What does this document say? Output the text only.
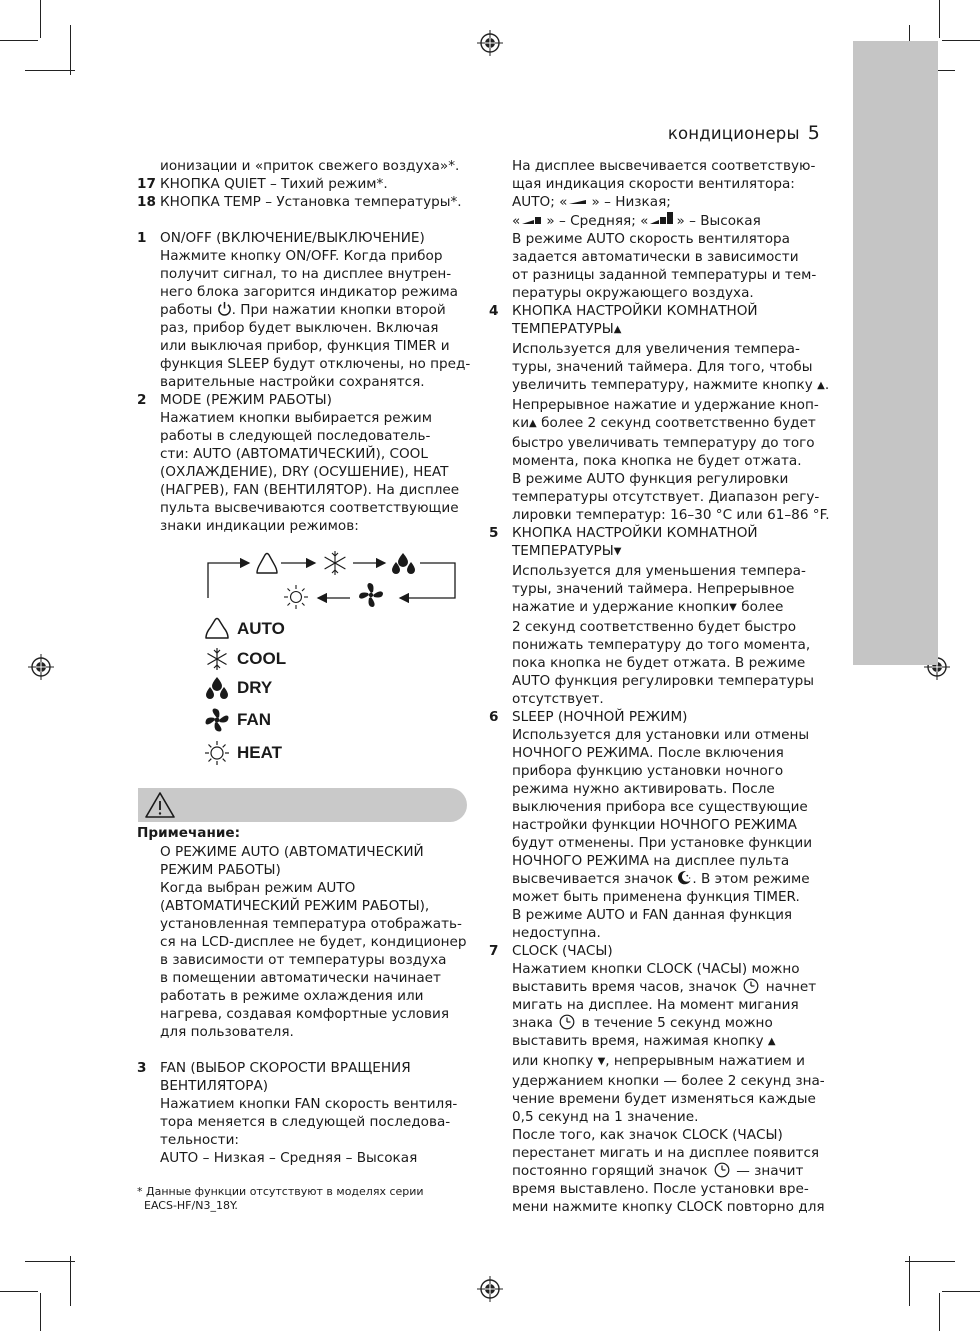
кондиционеры 5
ионизации и «приток свежего воздуха»*.
17 КНОПКА QUIET – Тихий режим*.
18 КНОПКА TEMP – Установка температуры*.
1 ON/OFF (ВКЛЮЧЕНИЕ/ВЫКЛЮЧЕНИЕ)
Нажмите кнопку ON/OFF. Когда прибор
получит сигнал, то на дисплее внутрен-
него блока загорится индикатор режима
работы . При нажатии кнопки второй
раз, прибор будет выключен. Включая
или выключая прибор, функция TIMER и
функция SLEEP будут отключены, но пред-
варительные настройки сохранятся.
2 MODE (РЕЖИМ РАБОТЫ)
Нажатием кнопки выбирается режим
работы в следующей последователь-
сти: AUTO (АВТОМАТИЧЕСКИЙ), COOL
(ОХЛАЖДЕНИЕ), DRY (ОСУШЕНИЕ), HEAT
(НАГРЕВ), FAN (ВЕНТИЛЯТОР). На дисплее
пульта высвечиваются соответствующие
знаки индикации режимов:
AUTO
COOL
DRY
FAN
HEAT
Примечание:
О РЕЖИМЕ AUTO (АВТОМАТИЧЕСКИЙ
РЕЖИМ РАБОТЫ)
Когда выбран режим AUTO
(АВТОМАТИЧЕСКИЙ РЕЖИМ РАБОТЫ),
установленная температура отображать-
ся на LCD-дисплее не будет, кондиционер
в зависимости от температуры воздуха
в помещении автоматически начинает
работать в режиме охлаждения или
нагрева, создавая комфортные условия
для пользователя.
3 FAN (ВЫБОР СКОРОСТИ ВРАЩЕНИЯ
ВЕНТИЛЯТОРА)
Нажатием кнопки FAN скорость вентиля-
тора меняется в следующей последова-
тельности:
AUTO – Низкая – Средняя – Высокая
* Данные функции отсутствуют в моделях серии
EACS-HF/N3_18Y.
На дисплее высвечивается соответствую-
щая индикация скорости вентилятора:
AUTO; « » – Низкая;
« » – Средняя; « » – Высокая
В режиме AUTO скорость вентилятора
задается автоматически в зависимости
от разницы заданной температуры и тем-
пературы окружающего воздуха.
4 КНОПКА НАСТРОЙКИ КОМНАТНОЙ
ТЕМПЕРАТУРЫ▲
Используется для увеличения темпера-
туры, значений таймера. Для того, чтобы
увеличить температуру, нажмите кнопку ▲.
Непрерывное нажатие и удержание кноп-
ки▲ более 2 секунд соответственно будет
быстро увеличивать температуру до того
момента, пока кнопка не будет отжата.
В режиме AUTO функция регулировки
температуры отсутствует. Диапазон регу-
лировки температур: 16–30 °C или 61–86 °F.
5 КНОПКА НАСТРОЙКИ КОМНАТНОЙ
ТЕМПЕРАТУРЫ▼
Используется для уменьшения темпера-
туры, значений таймера. Непрерывное
нажатие и удержание кнопки▼ более
2 секунд соответственно будет быстро
понижать температуру до того момента,
пока кнопка не будет отжата. В режиме
AUTO функция регулировки температуры
отсутствует.
6 SLEEP (НОЧНОЙ РЕЖИМ)
Используется для установки или отмены
НОЧНОГО РЕЖИМА. После включения
прибора функцию установки ночного
режима нужно активировать. После
выключения прибора все существующие
настройки функции НОЧНОГО РЕЖИМА
будут отменены. При установке функции
НОЧНОГО РЕЖИМА на дисплее пульта
высвечивается значок . В этом режиме
может быть применена функция TIMER.
В режиме AUTO и FAN данная функция
недоступна.
7 CLOCK (ЧАСЫ)
Нажатием кнопки CLOCK (ЧАСЫ) можно
выставить время часов, значок начнет
мигать на дисплее. На момент мигания
знака в течение 5 секунд можно
выставить время, нажимая кнопку ▲
или кнопку ▼, непрерывным нажатием и
удержанием кнопки — более 2 секунд зна-
чение времени будет изменяться каждые
0,5 секунд на 1 значение.
После того, как значок CLOCK (ЧАСЫ)
перестанет мигать и на дисплее появится
постоянно горящий значок — значит
время выставлено. После установки вре-
мени нажмите кнопку CLOCK повторно для
